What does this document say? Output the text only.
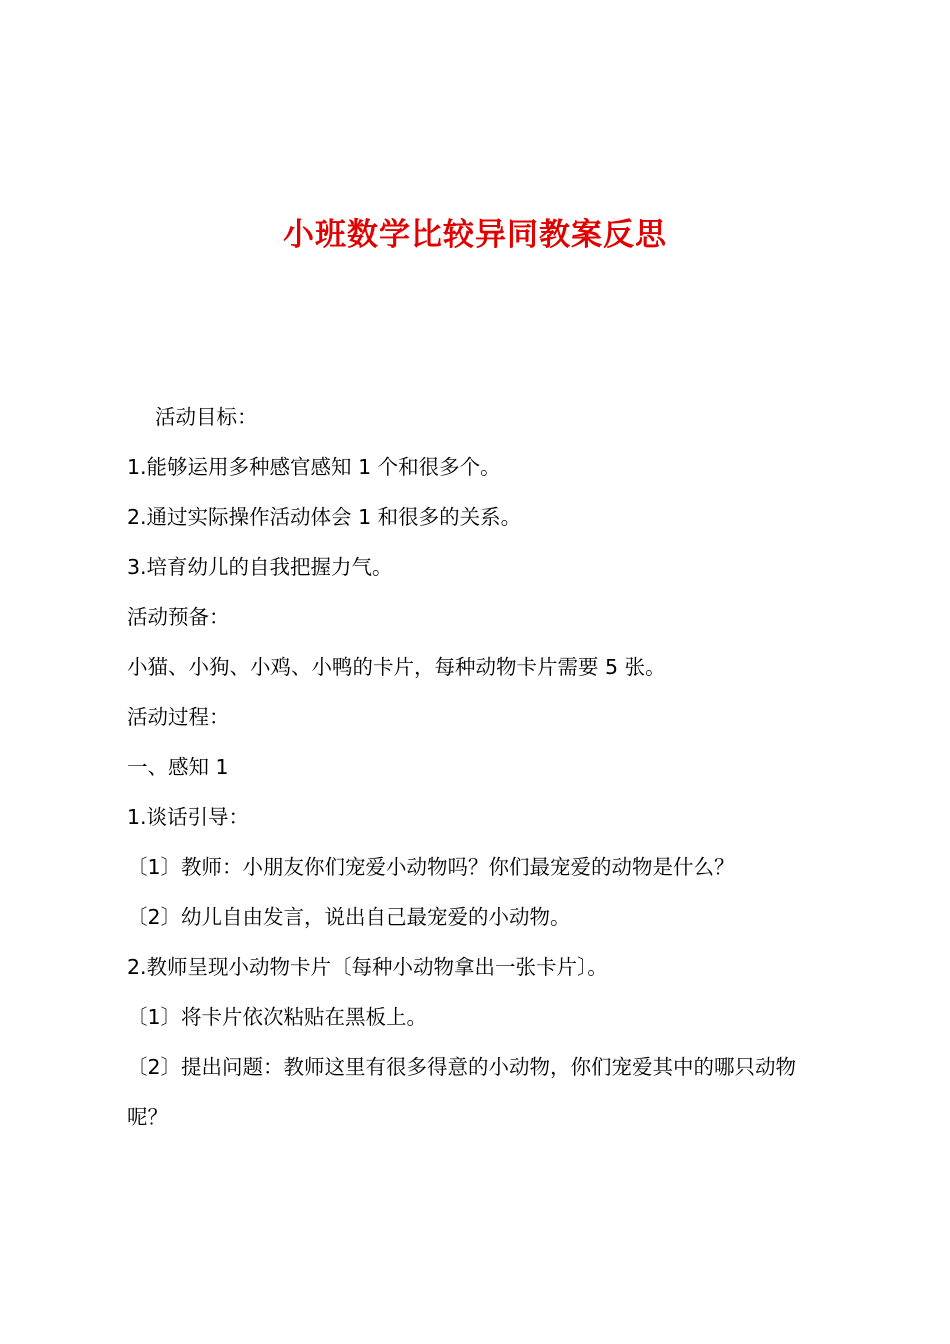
小班数学比较异同教案反思

活动目标：

1.能够运用多种感官感知 1 个和很多个。

2.通过实际操作活动体会 1 和很多的关系。

3.培育幼儿的自我把握力气。

活动预备：

小猫、小狗、小鸡、小鸭的卡片，每种动物卡片需要 5 张。

活动过程：

一、感知 1

1.谈话引导：

〔1〕教师：小朋友你们宠爱小动物吗？你们最宠爱的动物是什么？

〔2〕幼儿自由发言，说出自己最宠爱的小动物。

2.教师呈现小动物卡片〔每种小动物拿出一张卡片〕。

〔1〕将卡片依次粘贴在黑板上。

〔2〕提出问题：教师这里有很多得意的小动物，你们宠爱其中的哪只动物呢？
